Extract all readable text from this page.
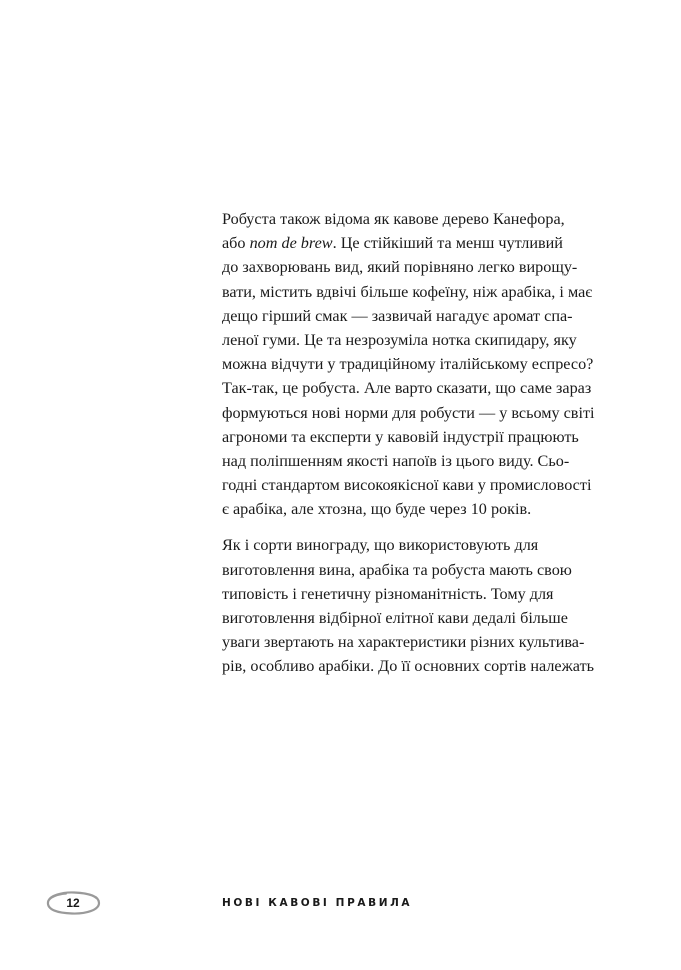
Робуста також відома як кавове дерево Канефора,
або nom de brew. Це стійкіший та менш чутливий
до захворювань вид, який порівняно легко вирощу-
вати, містить вдвічі більше кофеїну, ніж арабіка, і має
дещо гірший смак — зазвичай нагадує аромат спа-
леної гуми. Це та незрозуміла нотка скипидару, яку
можна відчути у традиційному італійському еспресо?
Так-так, це робуста. Але варто сказати, що саме зараз
формуються нові норми для робусти — у всьому світі
агрономи та експерти у кавовій індустрії працюють
над поліпшенням якості напоїв із цього виду. Сьо-
годні стандартом високоякісної кави у промисловості
є арабіка, але хтозна, що буде через 10 років.
Як і сорти винограду, що використовують для
виготовлення вина, арабіка та робуста мають свою
типовість і генетичну різноманітність. Тому для
виготовлення відбірної елітної кави дедалі більше
уваги звертають на характеристики різних культива-
рів, особливо арабіки. До її основних сортів належать
12	НОВІ КАВОВІ ПРАВИЛА
